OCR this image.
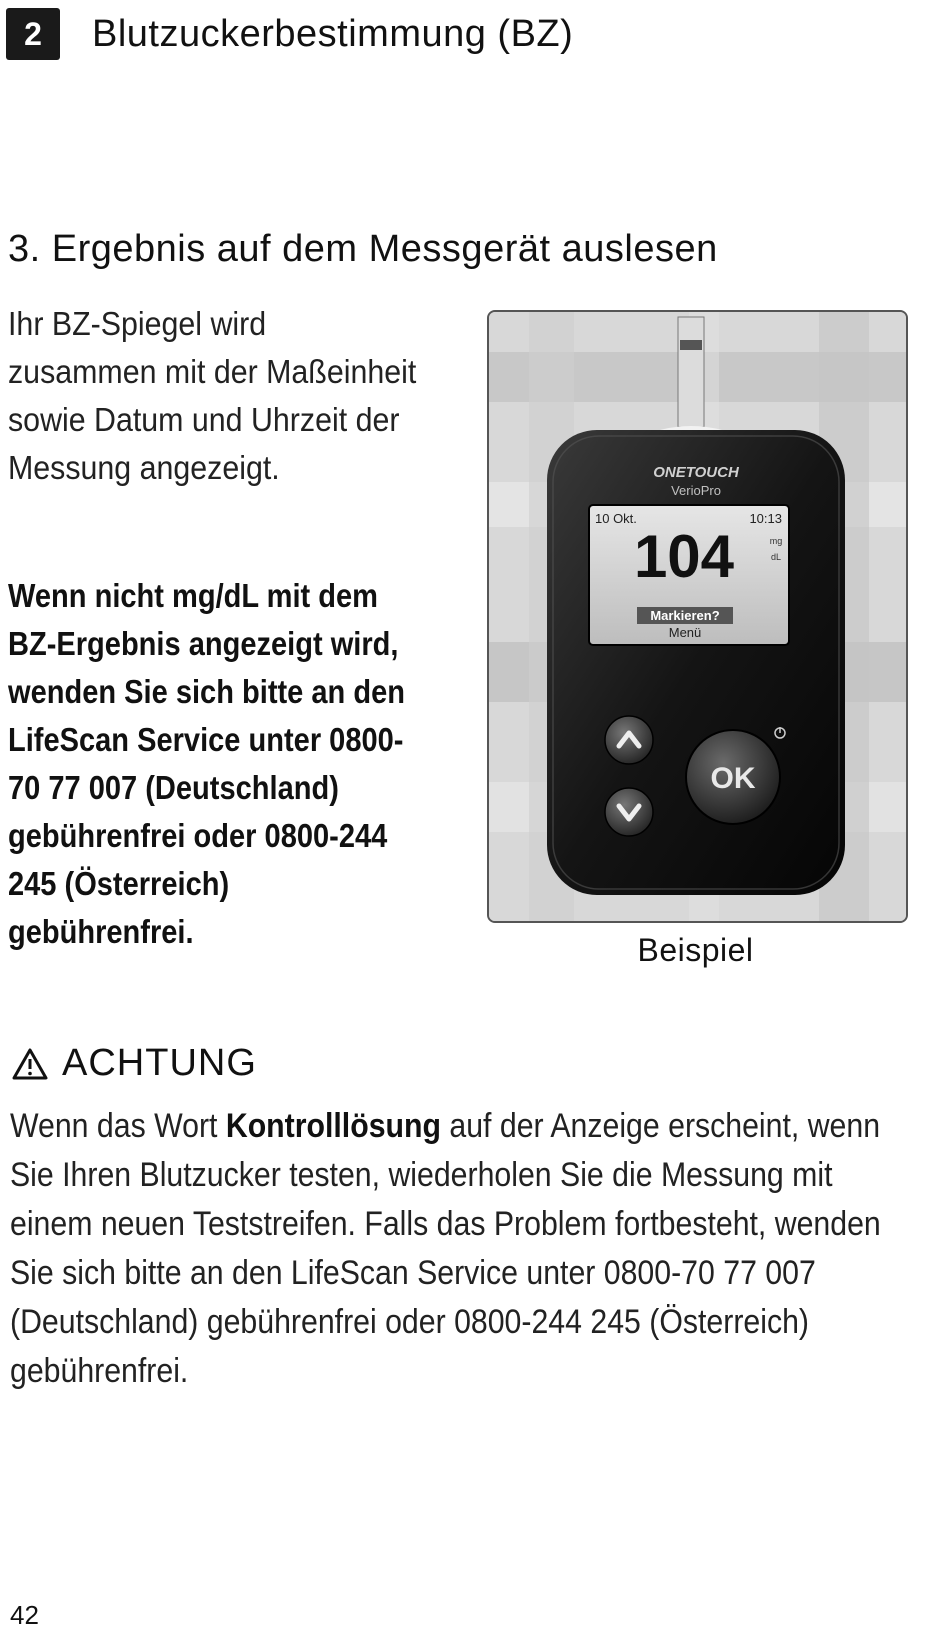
2	Blutzuckerbestimmung (BZ)
3. Ergebnis auf dem Messgerät auslesen
Ihr BZ-Spiegel wird zusammen mit der Maßeinheit sowie Datum und Uhrzeit der Messung angezeigt.
Wenn nicht mg/dL mit dem BZ-Ergebnis angezeigt wird, wenden Sie sich bitte an den LifeScan Service unter 0800-70 77 007 (Deutschland) gebührenfrei oder 0800-244 245 (Österreich) gebührenfrei.
ONETOUCH
VerioPro
10 Okt.	10:13
104	mg
dL
Markieren?
Menü
OK
Beispiel
ACHTUNG
Wenn das Wort Kontrolllösung auf der Anzeige erscheint, wenn Sie Ihren Blutzucker testen, wiederholen Sie die Messung mit einem neuen Teststreifen. Falls das Problem fortbesteht, wenden Sie sich bitte an den LifeScan Service unter 0800-70 77 007 (Deutschland) gebührenfrei oder 0800-244 245 (Österreich) gebührenfrei.
42
